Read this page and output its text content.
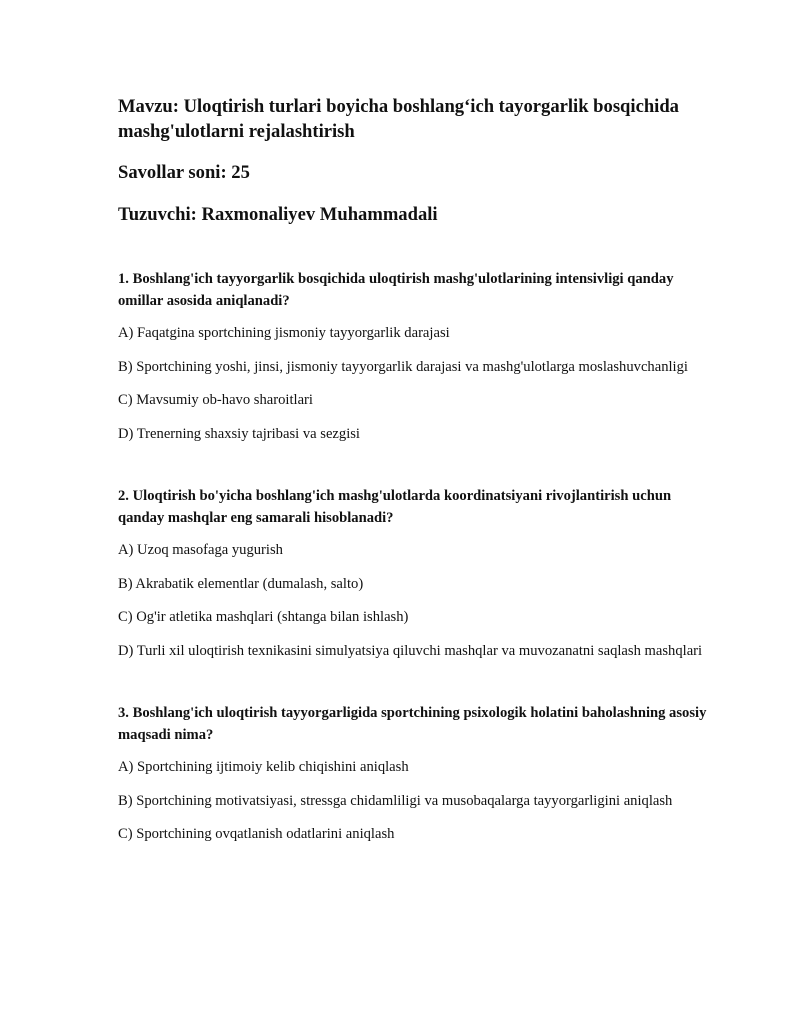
Mavzu: Uloqtirish turlari boyicha boshlang‘ich tayorgarlik bosqichida mashg'ulotlarni rejalashtirish

Savollar soni: 25

Tuzuvchi: Raxmonaliyev Muhammadali

1. Boshlang'ich tayyorgarlik bosqichida uloqtirish mashg'ulotlarining intensivligi qanday omillar asosida aniqlanadi?

A) Faqatgina sportchining jismoniy tayyorgarlik darajasi

B) Sportchining yoshi, jinsi, jismoniy tayyorgarlik darajasi va mashg'ulotlarga moslashuvchanligi

C) Mavsumiy ob-havo sharoitlari

D) Trenerning shaxsiy tajribasi va sezgisi

2. Uloqtirish bo'yicha boshlang'ich mashg'ulotlarda koordinatsiyani rivojlantirish uchun qanday mashqlar eng samarali hisoblanadi?

A) Uzoq masofaga yugurish

B) Akrabatik elementlar (dumalash, salto)

C) Og'ir atletika mashqlari (shtanga bilan ishlash)

D) Turli xil uloqtirish texnikasini simulyatsiya qiluvchi mashqlar va muvozanatni saqlash mashqlari

3. Boshlang'ich uloqtirish tayyorgarligida sportchining psixologik holatini baholashning asosiy maqsadi nima?

A) Sportchining ijtimoiy kelib chiqishini aniqlash

B) Sportchining motivatsiyasi, stressga chidamliligi va musobaqalarga tayyorgarligini aniqlash

C) Sportchining ovqatlanish odatlarini aniqlash
